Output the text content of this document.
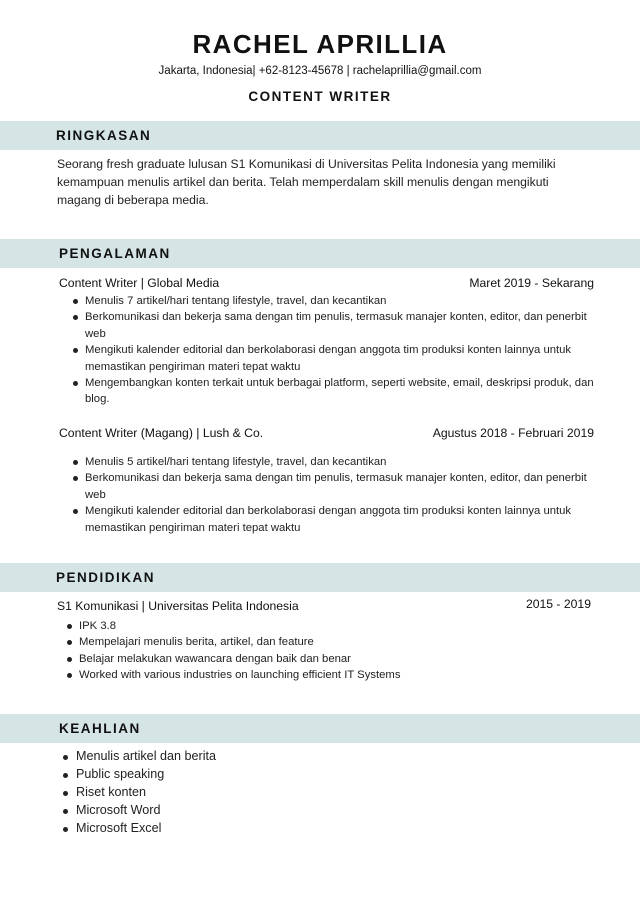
RACHEL APRILLIA
Jakarta, Indonesia| +62-8123-45678 | rachelaprillia@gmail.com
CONTENT WRITER
RINGKASAN
Seorang fresh graduate lulusan S1 Komunikasi di Universitas Pelita Indonesia yang memiliki
kemampuan menulis artikel dan berita. Telah memperdalam skill menulis dengan mengikuti
magang di beberapa media.
PENGALAMAN
Content Writer | Global Media	Maret 2019 - Sekarang
Menulis 7 artikel/hari tentang lifestyle, travel, dan kecantikan
Berkomunikasi dan bekerja sama dengan tim penulis, termasuk manajer konten, editor, dan penerbit web
Mengikuti kalender editorial dan berkolaborasi dengan anggota tim produksi konten lainnya untuk memastikan pengiriman materi tepat waktu
Mengembangkan konten terkait untuk berbagai platform, seperti website, email, deskripsi produk, dan blog.
Content Writer (Magang) | Lush & Co.	Agustus 2018 - Februari 2019
Menulis 5 artikel/hari tentang lifestyle, travel, dan kecantikan
Berkomunikasi dan bekerja sama dengan tim penulis, termasuk manajer konten, editor, dan penerbit web
Mengikuti kalender editorial dan berkolaborasi dengan anggota tim produksi konten lainnya untuk memastikan pengiriman materi tepat waktu
PENDIDIKAN
S1 Komunikasi | Universitas Pelita Indonesia	2015 - 2019
IPK 3.8
Mempelajari menulis berita, artikel, dan feature
Belajar melakukan wawancara dengan baik dan benar
Worked with various industries on launching efficient IT Systems
KEAHLIAN
Menulis artikel dan berita
Public speaking
Riset konten
Microsoft Word
Microsoft Excel
